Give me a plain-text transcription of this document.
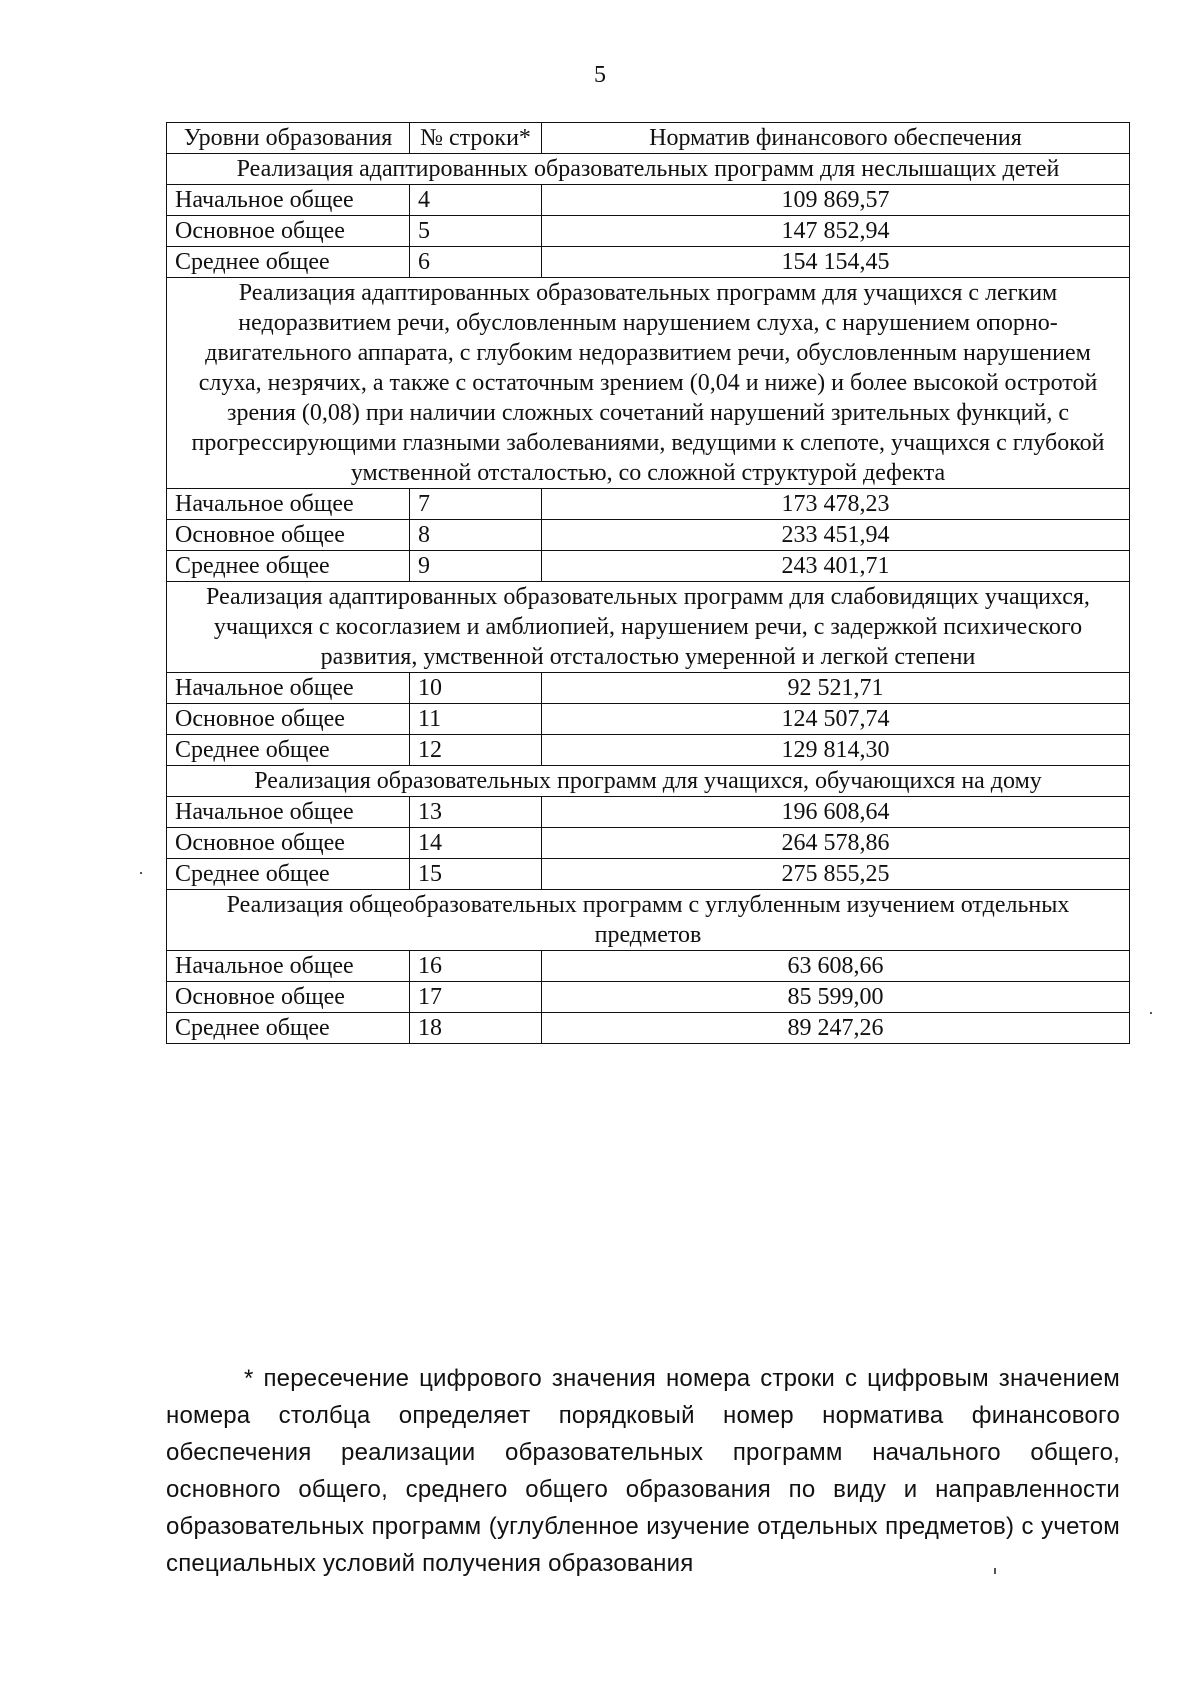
5
Уровни образования	№ строки*	Норматив финансового обеспечения
Реализация адаптированных образовательных программ для неслышащих детей		
Начальное общее	4	109 869,57
Основное общее	5	147 852,94
Среднее общее	6	154 154,45
Реализация адаптированных образовательных программ для учащихся с легким недоразвитием речи, обусловленным нарушением слуха, с нарушением опорно-двигательного аппарата, с глубоким недоразвитием речи, обусловленным нарушением слуха, незрячих, а также с остаточным зрением (0,04 и ниже) и более высокой остротой зрения (0,08) при наличии сложных сочетаний нарушений зрительных функций, с прогрессирующими глазными заболеваниями, ведущими к слепоте, учащихся с глубокой умственной отсталостью, со сложной структурой дефекта		
Начальное общее	7	173 478,23
Основное общее	8	233 451,94
Среднее общее	9	243 401,71
Реализация адаптированных образовательных программ для слабовидящих учащихся, учащихся с косоглазием и амблиопией, нарушением речи, с задержкой психического развития, умственной отсталостью умеренной и легкой степени		
Начальное общее	10	92 521,71
Основное общее	11	124 507,74
Среднее общее	12	129 814,30
Реализация образовательных программ для учащихся, обучающихся на дому		
Начальное общее	13	196 608,64
Основное общее	14	264 578,86
Среднее общее	15	275 855,25
Реализация общеобразовательных программ с углубленным изучением отдельных предметов		
Начальное общее	16	63 608,66
Основное общее	17	85 599,00
Среднее общее	18	89 247,26
* пересечение цифрового значения номера строки с цифровым значением номера столбца определяет порядковый номер норматива финансового обеспечения реализации образовательных программ начального общего, основного общего, среднего общего образования по виду и направленности образовательных программ (углубленное изучение отдельных предметов) с учетом специальных условий получения образования
